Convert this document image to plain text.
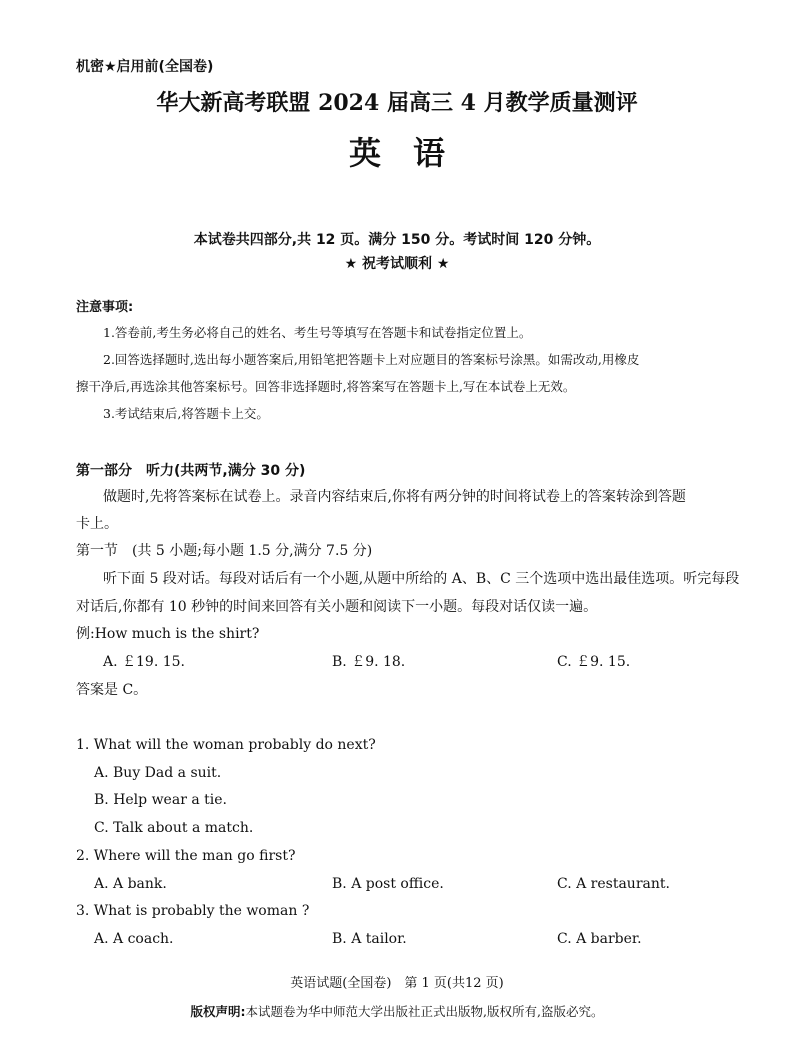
机密★启用前(全国卷)
华大新高考联盟 2024 届高三 4 月教学质量测评
英　语
本试卷共四部分,共 12 页。满分 150 分。考试时间 120 分钟。
★ 祝考试顺利 ★
注意事项:
1.答卷前,考生务必将自己的姓名、考生号等填写在答题卡和试卷指定位置上。
2.回答选择题时,选出每小题答案后,用铅笔把答题卡上对应题目的答案标号涂黑。如需改动,用橡皮
擦干净后,再选涂其他答案标号。回答非选择题时,将答案写在答题卡上,写在本试卷上无效。
3.考试结束后,将答题卡上交。
第一部分　听力(共两节,满分 30 分)
做题时,先将答案标在试卷上。录音内容结束后,你将有两分钟的时间将试卷上的答案转涂到答题
卡上。
第一节　(共 5 小题;每小题 1.5 分,满分 7.5 分)
听下面 5 段对话。每段对话后有一个小题,从题中所给的 A、B、C 三个选项中选出最佳选项。听完每段
对话后,你都有 10 秒钟的时间来回答有关小题和阅读下一小题。每段对话仅读一遍。
例:How much is the shirt?
A. ￡19. 15.	B. ￡9. 18.	C. ￡9. 15.
答案是 C。
1. What will the woman probably do next?
A. Buy Dad a suit.
B. Help wear a tie.
C. Talk about a match.
2. Where will the man go first?
A. A bank.	B. A post office.	C. A restaurant.
3. What is probably the woman ?
A. A coach.	B. A tailor.	C. A barber.
英语试题(全国卷)　第 1 页(共12 页)
版权声明:本试题卷为华中师范大学出版社正式出版物,版权所有,盗版必究。
